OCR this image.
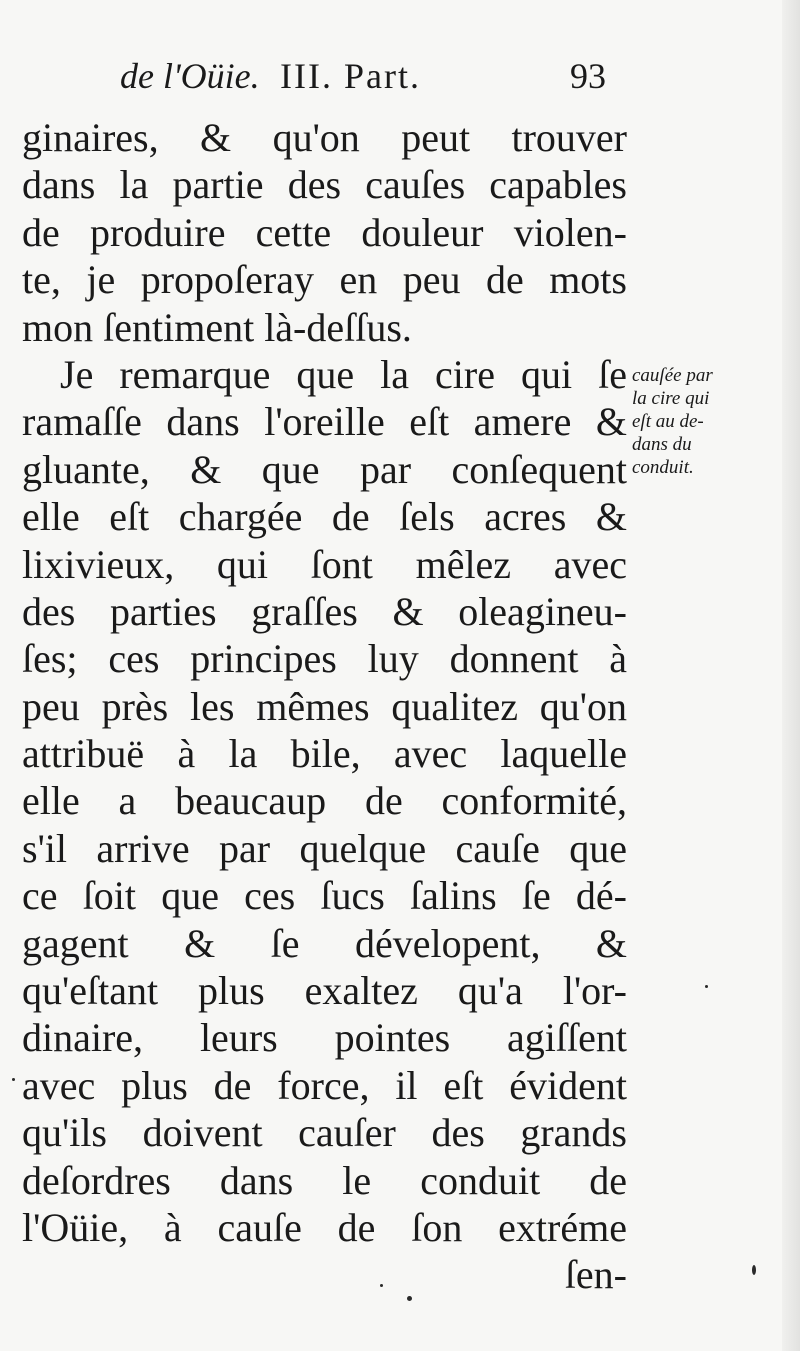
de l'Oüie. III. Part.	93
ginaires, & qu'on peut trouver
dans la partie des cauſes capables
de produire cette douleur violen-
te, je propoſeray en peu de mots
mon ſentiment là-deſſus.
Je remarque que la cire qui ſe
ramaſſe dans l'oreille eſt amere &
gluante, & que par conſequent
elle eſt chargée de ſels acres &
lixivieux, qui ſont mêlez avec
des parties graſſes & oleagineu-
ſes; ces principes luy donnent à
peu près les mêmes qualitez qu'on
attribuë à la bile, avec laquelle
elle a beaucaup de conformité,
s'il arrive par quelque cauſe que
ce ſoit que ces ſucs ſalins ſe dé-
gagent & ſe dévelopent, &
qu'eſtant plus exaltez qu'a l'or-
dinaire, leurs pointes agiſſent
avec plus de force, il eſt évident
qu'ils doivent cauſer des grands
deſordres dans le conduit de
l'Oüie, à cauſe de ſon extréme
ſen-
cauſée par
la cire qui
eſt au de-
dans du
conduit.
